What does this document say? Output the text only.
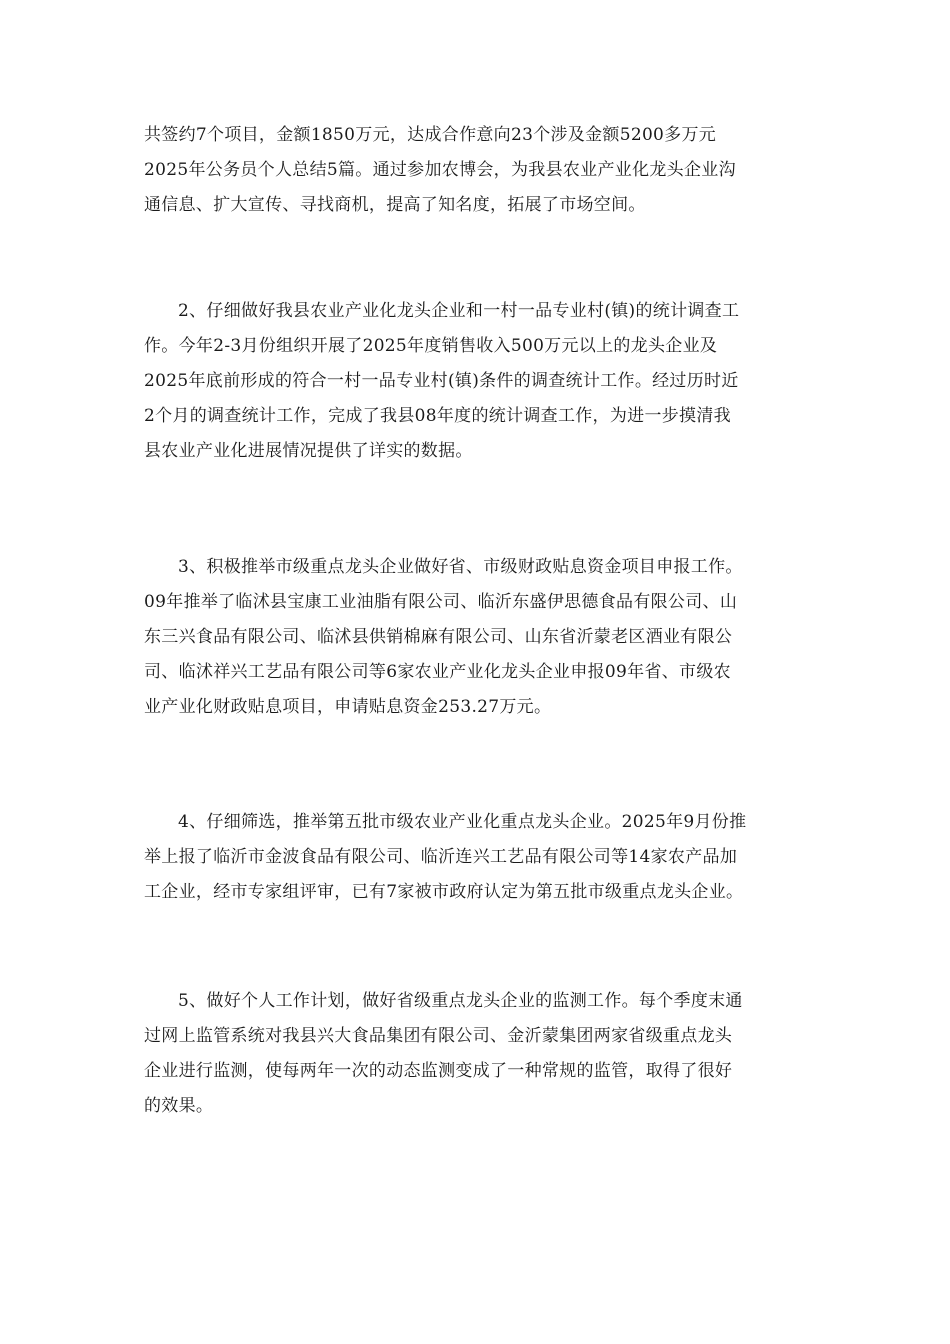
共签约7个项目，金额1850万元，达成合作意向23个涉及金额5200多万元
2025年公务员个人总结5篇。通过参加农博会，为我县农业产业化龙头企业沟
通信息、扩大宣传、寻找商机，提高了知名度，拓展了市场空间。

2、仔细做好我县农业产业化龙头企业和一村一品专业村(镇)的统计调查工
作。今年2-3月份组织开展了2025年度销售收入500万元以上的龙头企业及
2025年底前形成的符合一村一品专业村(镇)条件的调查统计工作。经过历时近
2个月的调查统计工作，完成了我县08年度的统计调查工作，为进一步摸清我
县农业产业化进展情况提供了详实的数据。

3、积极推举市级重点龙头企业做好省、市级财政贴息资金项目申报工作。
09年推举了临沭县宝康工业油脂有限公司、临沂东盛伊思德食品有限公司、山
东三兴食品有限公司、临沭县供销棉麻有限公司、山东省沂蒙老区酒业有限公
司、临沭祥兴工艺品有限公司等6家农业产业化龙头企业申报09年省、市级农
业产业化财政贴息项目，申请贴息资金253.27万元。

4、仔细筛选，推举第五批市级农业产业化重点龙头企业。2025年9月份推
举上报了临沂市金波食品有限公司、临沂连兴工艺品有限公司等14家农产品加
工企业，经市专家组评审，已有7家被市政府认定为第五批市级重点龙头企业。

5、做好个人工作计划，做好省级重点龙头企业的监测工作。每个季度末通
过网上监管系统对我县兴大食品集团有限公司、金沂蒙集团两家省级重点龙头
企业进行监测，使每两年一次的动态监测变成了一种常规的监管，取得了很好
的效果。
